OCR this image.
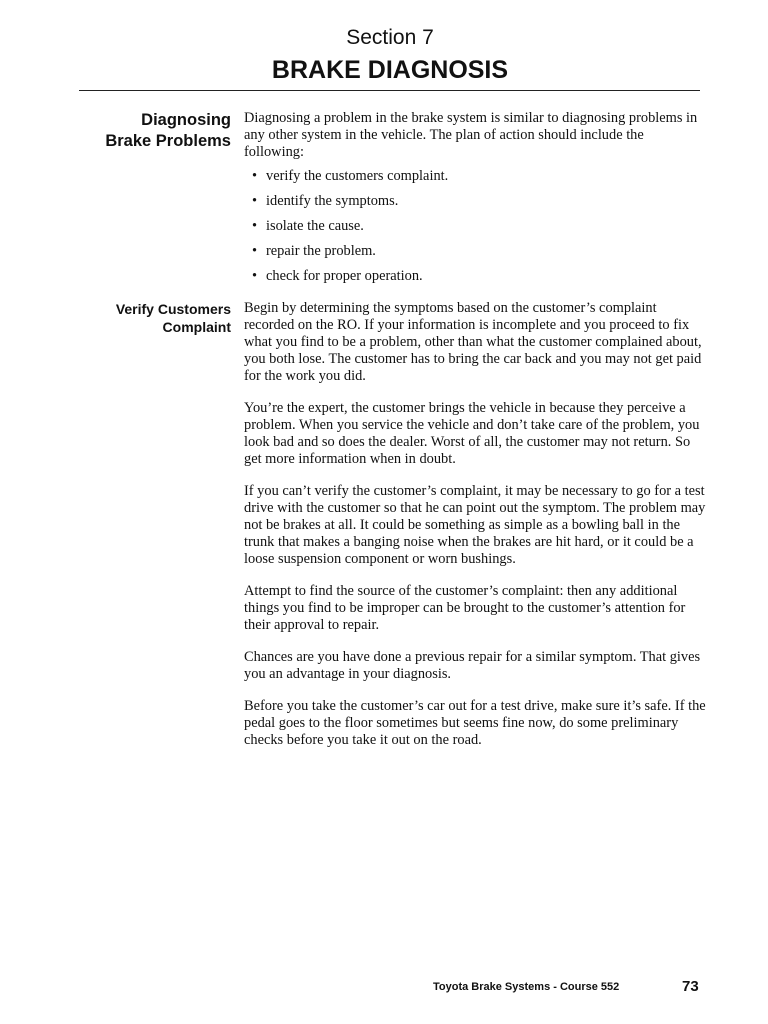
Section 7
BRAKE DIAGNOSIS
Diagnosing
Brake Problems

Diagnosing a problem in the brake system is similar to diagnosing problems in any other system in the vehicle. The plan of action should include the following:

• verify the customers complaint.
• identify the symptoms.
• isolate the cause.
• repair the problem.
• check for proper operation.
Verify Customers
Complaint

Begin by determining the symptoms based on the customer’s complaint recorded on the RO. If your information is incomplete and you proceed to fix what you find to be a problem, other than what the customer complained about, you both lose. The customer has to bring the car back and you may not get paid for the work you did.

You’re the expert, the customer brings the vehicle in because they perceive a problem. When you service the vehicle and don’t take care of the problem, you look bad and so does the dealer. Worst of all, the customer may not return. So get more information when in doubt.

If you can’t verify the customer’s complaint, it may be necessary to go for a test drive with the customer so that he can point out the symptom. The problem may not be brakes at all. It could be something as simple as a bowling ball in the trunk that makes a banging noise when the brakes are hit hard, or it could be a loose suspension component or worn bushings.

Attempt to find the source of the customer’s complaint: then any additional things you find to be improper can be brought to the customer’s attention for their approval to repair.

Chances are you have done a previous repair for a similar symptom. That gives you an advantage in your diagnosis.

Before you take the customer’s car out for a test drive, make sure it’s safe. If the pedal goes to the floor sometimes but seems fine now, do some preliminary checks before you take it out on the road.

Toyota Brake Systems - Course 552	73
